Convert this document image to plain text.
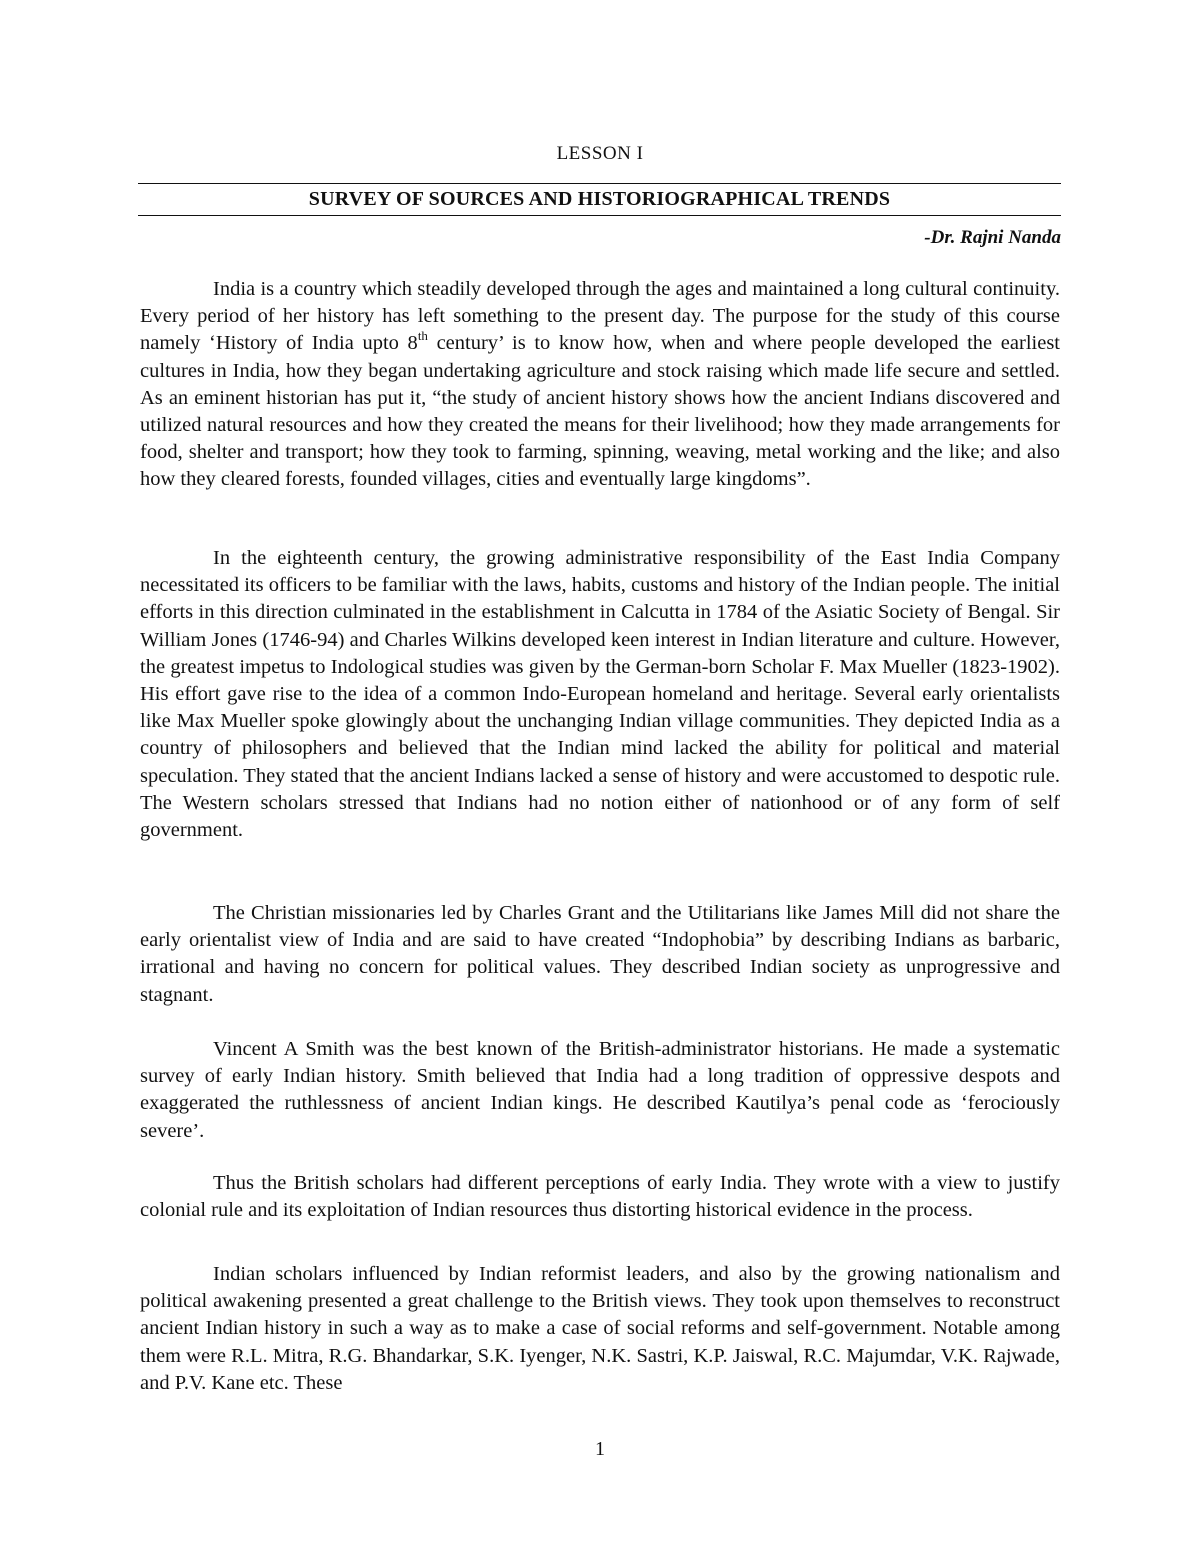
LESSON I
SURVEY OF SOURCES AND HISTORIOGRAPHICAL TRENDS
-Dr. Rajni Nanda

India is a country which steadily developed through the ages and maintained a long cultural continuity. Every period of her history has left something to the present day. The purpose for the study of this course namely ‘History of India upto 8th century’ is to know how, when and where people developed the earliest cultures in India, how they began undertaking agriculture and stock raising which made life secure and settled. As an eminent historian has put it, “the study of ancient history shows how the ancient Indians discovered and utilized natural resources and how they created the means for their livelihood; how they made arrangements for food, shelter and transport; how they took to farming, spinning, weaving, metal working and the like; and also how they cleared forests, founded villages, cities and eventually large kingdoms”.

In the eighteenth century, the growing administrative responsibility of the East India Company necessitated its officers to be familiar with the laws, habits, customs and history of the Indian people. The initial efforts in this direction culminated in the establishment in Calcutta in 1784 of the Asiatic Society of Bengal. Sir William Jones (1746-94) and Charles Wilkins developed keen interest in Indian literature and culture. However, the greatest impetus to Indological studies was given by the German-born Scholar F. Max Mueller (1823-1902). His effort gave rise to the idea of a common Indo-European homeland and heritage. Several early orientalists like Max Mueller spoke glowingly about the unchanging Indian village communities. They depicted India as a country of philosophers and believed that the Indian mind lacked the ability for political and material speculation. They stated that the ancient Indians lacked a sense of history and were accustomed to despotic rule. The Western scholars stressed that Indians had no notion either of nationhood or of any form of self government.

The Christian missionaries led by Charles Grant and the Utilitarians like James Mill did not share the early orientalist view of India and are said to have created “Indophobia” by describing Indians as barbaric, irrational and having no concern for political values. They described Indian society as unprogressive and stagnant.

Vincent A Smith was the best known of the British-administrator historians. He made a systematic survey of early Indian history. Smith believed that India had a long tradition of oppressive despots and exaggerated the ruthlessness of ancient Indian kings. He described Kautilya’s penal code as ‘ferociously severe’.

Thus the British scholars had different perceptions of early India. They wrote with a view to justify colonial rule and its exploitation of Indian resources thus distorting historical evidence in the process.

Indian scholars influenced by Indian reformist leaders, and also by the growing nationalism and political awakening presented a great challenge to the British views. They took upon themselves to reconstruct ancient Indian history in such a way as to make a case of social reforms and self-government. Notable among them were R.L. Mitra, R.G. Bhandarkar, S.K. Iyenger, N.K. Sastri, K.P. Jaiswal, R.C. Majumdar, V.K. Rajwade, and P.V. Kane etc. These

1
